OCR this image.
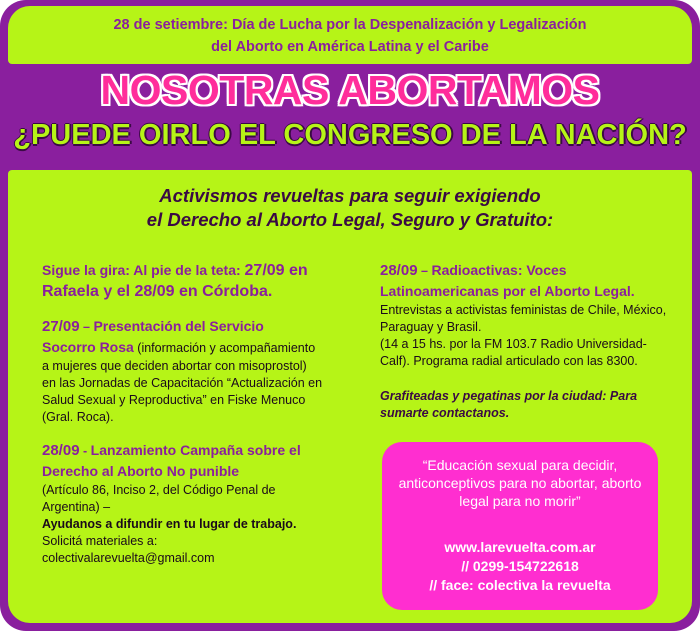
28 de setiembre: Día de Lucha por la Despenalización y Legalización

del Aborto en América Latina y el Caribe

NOSOTRAS ABORTAMOS
¿PUEDE OIRLO EL CONGRESO DE LA NACIÓN?

Activismos revueltas para seguir exigiendo

el Derecho al Aborto Legal, Seguro y Gratuito:

Sigue la gira: Al pie de la teta: 27/09 en

Rafaela y el 28/09 en Córdoba.

27/09 – Presentación del Servicio

Socorro Rosa (información y acompañamiento

a mujeres que deciden abortar con misoprostol)

en las Jornadas de Capacitación “Actualización en

Salud Sexual y Reproductiva” en Fiske Menuco

(Gral. Roca).

28/09 - Lanzamiento Campaña sobre el

Derecho al Aborto No punible

(Artículo 86, Inciso 2, del Código Penal de

Argentina) –

Ayudanos a difundir en tu lugar de trabajo.

Solicitá materiales a:

colectivalarevuelta@gmail.com

28/09 – Radioactivas: Voces

Latinoamericanas por el Aborto Legal.

Entrevistas a activistas feministas de Chile, México,

Paraguay y Brasil.

(14 a 15 hs. por la FM 103.7 Radio Universidad-

Calf). Programa radial articulado con las 8300.

Grafiteadas y pegatinas por la ciudad: Para

sumarte contactanos.

“Educación sexual para decidir,

anticonceptivos para no abortar, aborto

legal para no morir”

www.larevuelta.com.ar

// 0299-154722618

// face: colectiva la revuelta
